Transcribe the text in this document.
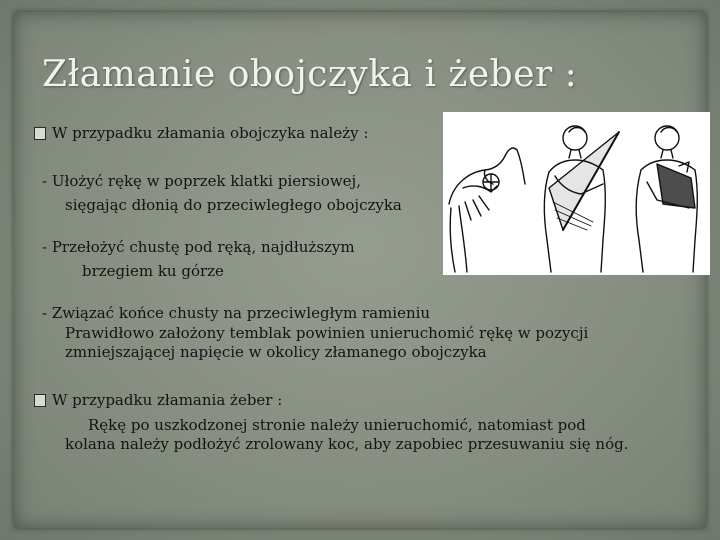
Złamanie obojczyka i żeber :
W przypadku złamania obojczyka należy :
- Ułożyć rękę w poprzek klatki piersiowej,
sięgając dłonią do przeciwległego obojczyka
- Przełożyć chustę pod ręką, najdłuższym
brzegiem ku górze
- Związać końce chusty na przeciwległym ramieniu
Prawidłowo założony temblak powinien unieruchomić rękę w pozycji
zmniejszającej napięcie w okolicy złamanego obojczyka
W przypadku złamania żeber :
Rękę po uszkodzonej stronie należy unieruchomić, natomiast pod
kolana należy podłożyć zrolowany koc, aby zapobiec przesuwaniu się nóg.
